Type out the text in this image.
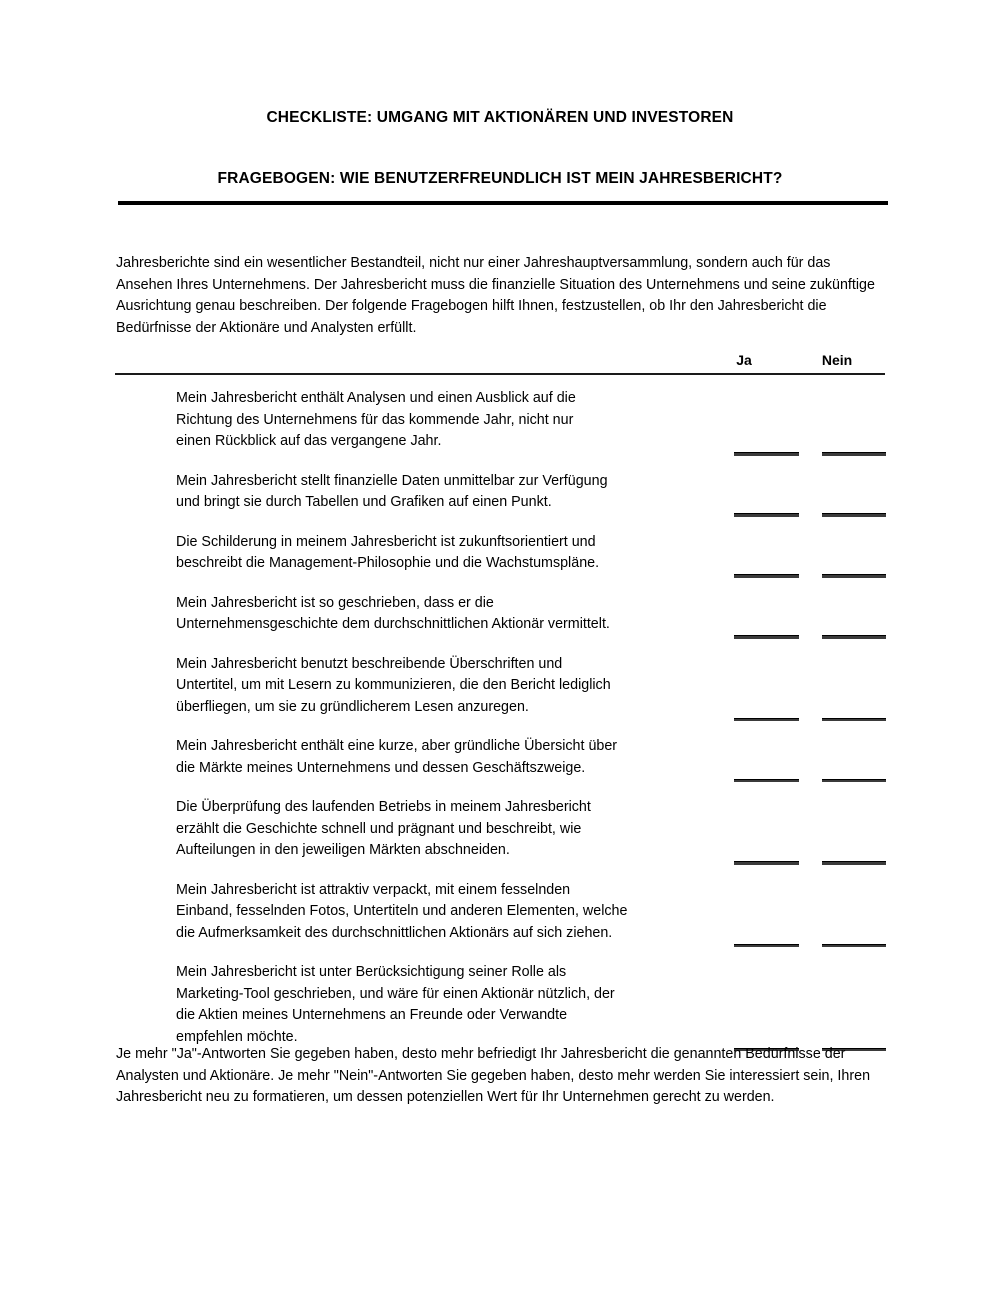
CHECKLISTE: UMGANG MIT AKTIONÄREN UND INVESTOREN
FRAGEBOGEN: WIE BENUTZERFREUNDLICH IST MEIN JAHRESBERICHT?

Jahresberichte sind ein wesentlicher Bestandteil, nicht nur einer Jahreshauptversammlung, sondern auch für das Ansehen Ihres Unternehmens. Der Jahresbericht muss die finanzielle Situation des Unternehmens und seine zukünftige Ausrichtung genau beschreiben. Der folgende Fragebogen hilft Ihnen, festzustellen, ob Ihr den Jahresbericht die Bedürfnisse der Aktionäre und Analysten erfüllt.

Ja	Nein
Mein Jahresbericht enthält Analysen und einen Ausblick auf die
Richtung des Unternehmens für das kommende Jahr, nicht nur
einen Rückblick auf das vergangene Jahr.
Mein Jahresbericht stellt finanzielle Daten unmittelbar zur Verfügung
und bringt sie durch Tabellen und Grafiken auf einen Punkt.
Die Schilderung in meinem Jahresbericht ist zukunftsorientiert und
beschreibt die Management-Philosophie und die Wachstumspläne.
Mein Jahresbericht ist so geschrieben, dass er die
Unternehmensgeschichte dem durchschnittlichen Aktionär vermittelt.
Mein Jahresbericht benutzt beschreibende Überschriften und
Untertitel, um mit Lesern zu kommunizieren, die den Bericht lediglich
überfliegen, um sie zu gründlicherem Lesen anzuregen.
Mein Jahresbericht enthält eine kurze, aber gründliche Übersicht über
die Märkte meines Unternehmens und dessen Geschäftszweige.
Die Überprüfung des laufenden Betriebs in meinem Jahresbericht
erzählt die Geschichte schnell und prägnant und beschreibt, wie
Aufteilungen in den jeweiligen Märkten abschneiden.
Mein Jahresbericht ist attraktiv verpackt, mit einem fesselnden
Einband, fesselnden Fotos, Untertiteln und anderen Elementen, welche
die Aufmerksamkeit des durchschnittlichen Aktionärs auf sich ziehen.
Mein Jahresbericht ist unter Berücksichtigung seiner Rolle als
Marketing-Tool geschrieben, und wäre für einen Aktionär nützlich, der
die Aktien meines Unternehmens an Freunde oder Verwandte
empfehlen möchte.

Je mehr "Ja"-Antworten Sie gegeben haben, desto mehr befriedigt Ihr Jahresbericht die genannten Bedürfnisse der Analysten und Aktionäre. Je mehr "Nein"-Antworten Sie gegeben haben, desto mehr werden Sie interessiert sein, Ihren Jahresbericht neu zu formatieren, um dessen potenziellen Wert für Ihr Unternehmen gerecht zu werden.
